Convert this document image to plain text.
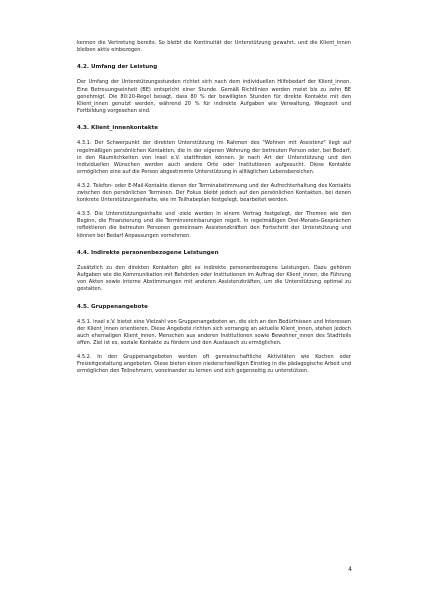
kennen die Vertretung bereits. So bleibt die Kontinuität der Unterstützung gewahrt, und die Klient_innen bleiben aktiv einbezogen.

4.2. Umfang der Leistung

Der Umfang der Unterstützungsstunden richtet sich nach dem individuellen Hilfebedarf der Klient_innen. Eine Betreuungseinheit (BE) entspricht einer Stunde. Gemäß Richtlinien werden meist bis zu zehn BE genehmigt. Die 80:20-Regel besagt, dass 80 % der bewilligten Stunden für direkte Kontakte mit den Klient_innen genutzt werden, während 20 % für indirekte Aufgaben wie Verwaltung, Wegezeit und Fortbildung vorgesehen sind.

4.3. Klient_innenkontakte

4.3.1. Der Schwerpunkt der direkten Unterstützung im Rahmen des "Wohnen mit Assistenz" liegt auf regelmäßigen persönlichen Kontakten, die in der eigenen Wohnung der betreuten Person oder, bei Bedarf, in den Räumlichkeiten von insel e.V. stattfinden können. Je nach Art der Unterstützung und den individuellen Wünschen werden auch andere Orte oder Institutionen aufgesucht. Diese Kontakte ermöglichen eine auf die Person abgestimmte Unterstützung in alltäglichen Lebensbereichen.

4.3.2. Telefon- oder E-Mail-Kontakte dienen der Terminabstimmung und der Aufrechterhaltung des Kontakts zwischen den persönlichen Terminen. Der Fokus bleibt jedoch auf den persönlichen Kontakten, bei denen konkrete Unterstützungsinhalte, wie im Teilhabeplan festgelegt, bearbeitet werden.

4.3.3. Die Unterstützungsinhalte und -ziele werden in einem Vertrag festgelegt, der Themen wie den Beginn, die Finanzierung und die Terminvereinbarungen regelt. In regelmäßigen Drei-Monats-Gesprächen reflektieren die betreuten Personen gemeinsam Assistenzkräften den Fortschritt der Unterstützung und können bei Bedarf Anpassungen vornehmen.

4.4. Indirekte personenbezogene Leistungen

Zusätzlich zu den direkten Kontakten gibt es indirekte personenbezogene Leistungen. Dazu gehören Aufgaben wie die Kommunikation mit Behörden oder Institutionen im Auftrag der Klient_innen, die Führung von Akten sowie interne Abstimmungen mit anderen Assistenzkräften, um die Unterstützung optimal zu gestalten.

4.5. Gruppenangebote

4.5.1. insel e.V. bietet eine Vielzahl von Gruppenangeboten an, die sich an den Bedürfnissen und Interessen der Klient_innen orientieren. Diese Angebote richten sich vorrangig an aktuelle Klient_innen, stehen jedoch auch ehemaligen Klient_innen, Menschen aus anderen Institutionen sowie Bewohner_innen des Stadtteils offen. Ziel ist es, soziale Kontakte zu fördern und den Austausch zu ermöglichen.

4.5.2. In den Gruppenangeboten werden oft gemeinschaftliche Aktivitäten wie Kochen oder Freizeitgestaltung angeboten. Diese bieten einen niederschwelligen Einstieg in die pädagogische Arbeit und ermöglichen den Teilnehmern, voneinander zu lernen und sich gegenseitig zu unterstützen.

4
